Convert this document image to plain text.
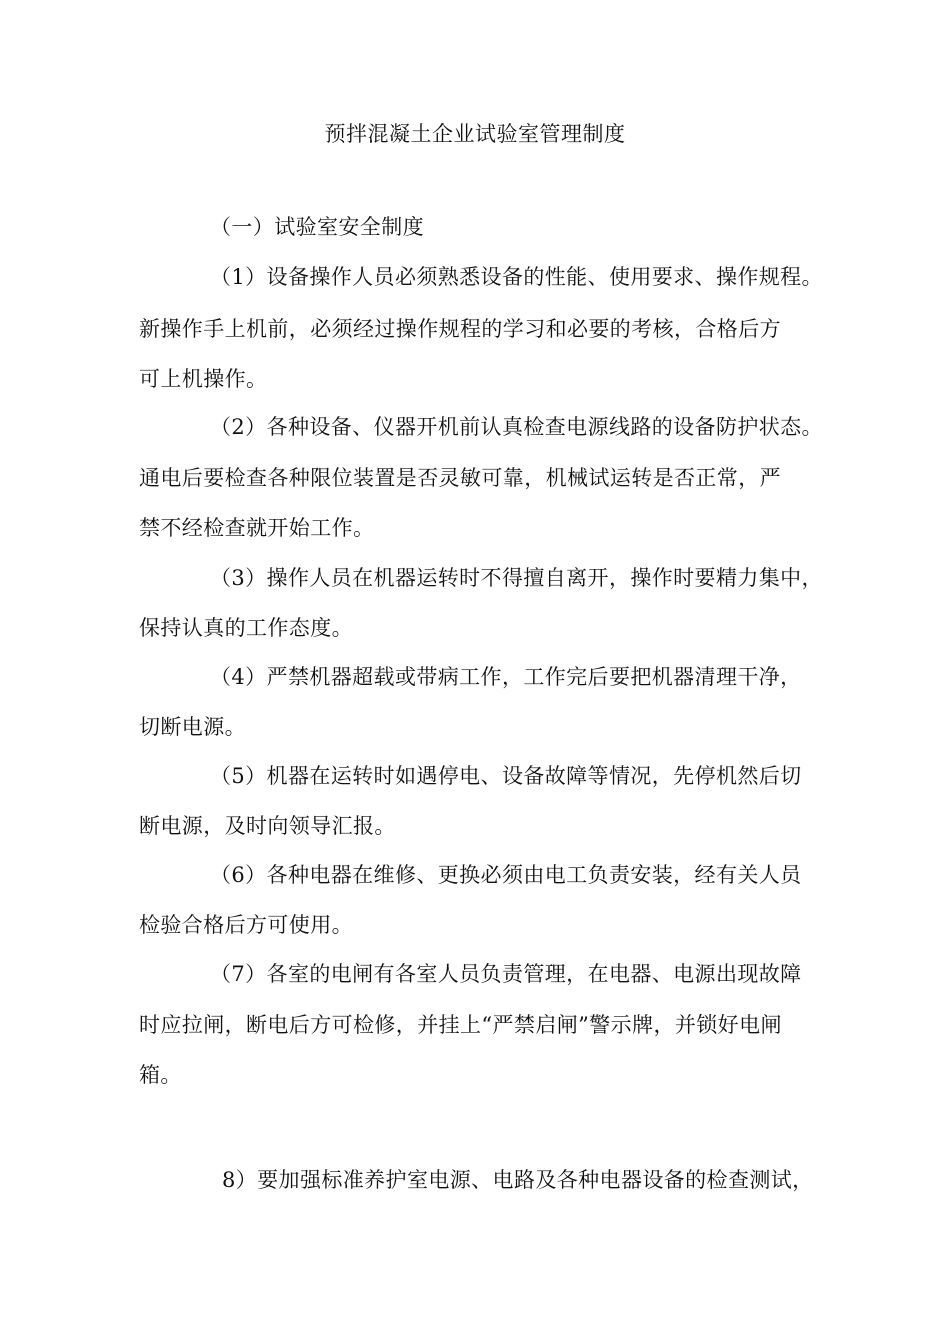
预拌混凝土企业试验室管理制度
（一）试验室安全制度
（1）设备操作人员必须熟悉设备的性能、使用要求、操作规程。
新操作手上机前，必须经过操作规程的学习和必要的考核，合格后方
可上机操作。
（2）各种设备、仪器开机前认真检查电源线路的设备防护状态。
通电后要检查各种限位装置是否灵敏可靠，机械试运转是否正常，严
禁不经检查就开始工作。
（3）操作人员在机器运转时不得擅自离开，操作时要精力集中，
保持认真的工作态度。
（4）严禁机器超载或带病工作，工作完后要把机器清理干净，
切断电源。
（5）机器在运转时如遇停电、设备故障等情况，先停机然后切
断电源，及时向领导汇报。
（6）各种电器在维修、更换必须由电工负责安装，经有关人员
检验合格后方可使用。
（7）各室的电闸有各室人员负责管理，在电器、电源出现故障
时应拉闸，断电后方可检修，并挂上“严禁启闸”警示牌，并锁好电闸
箱。
8）要加强标准养护室电源、电路及各种电器设备的检查测试，
